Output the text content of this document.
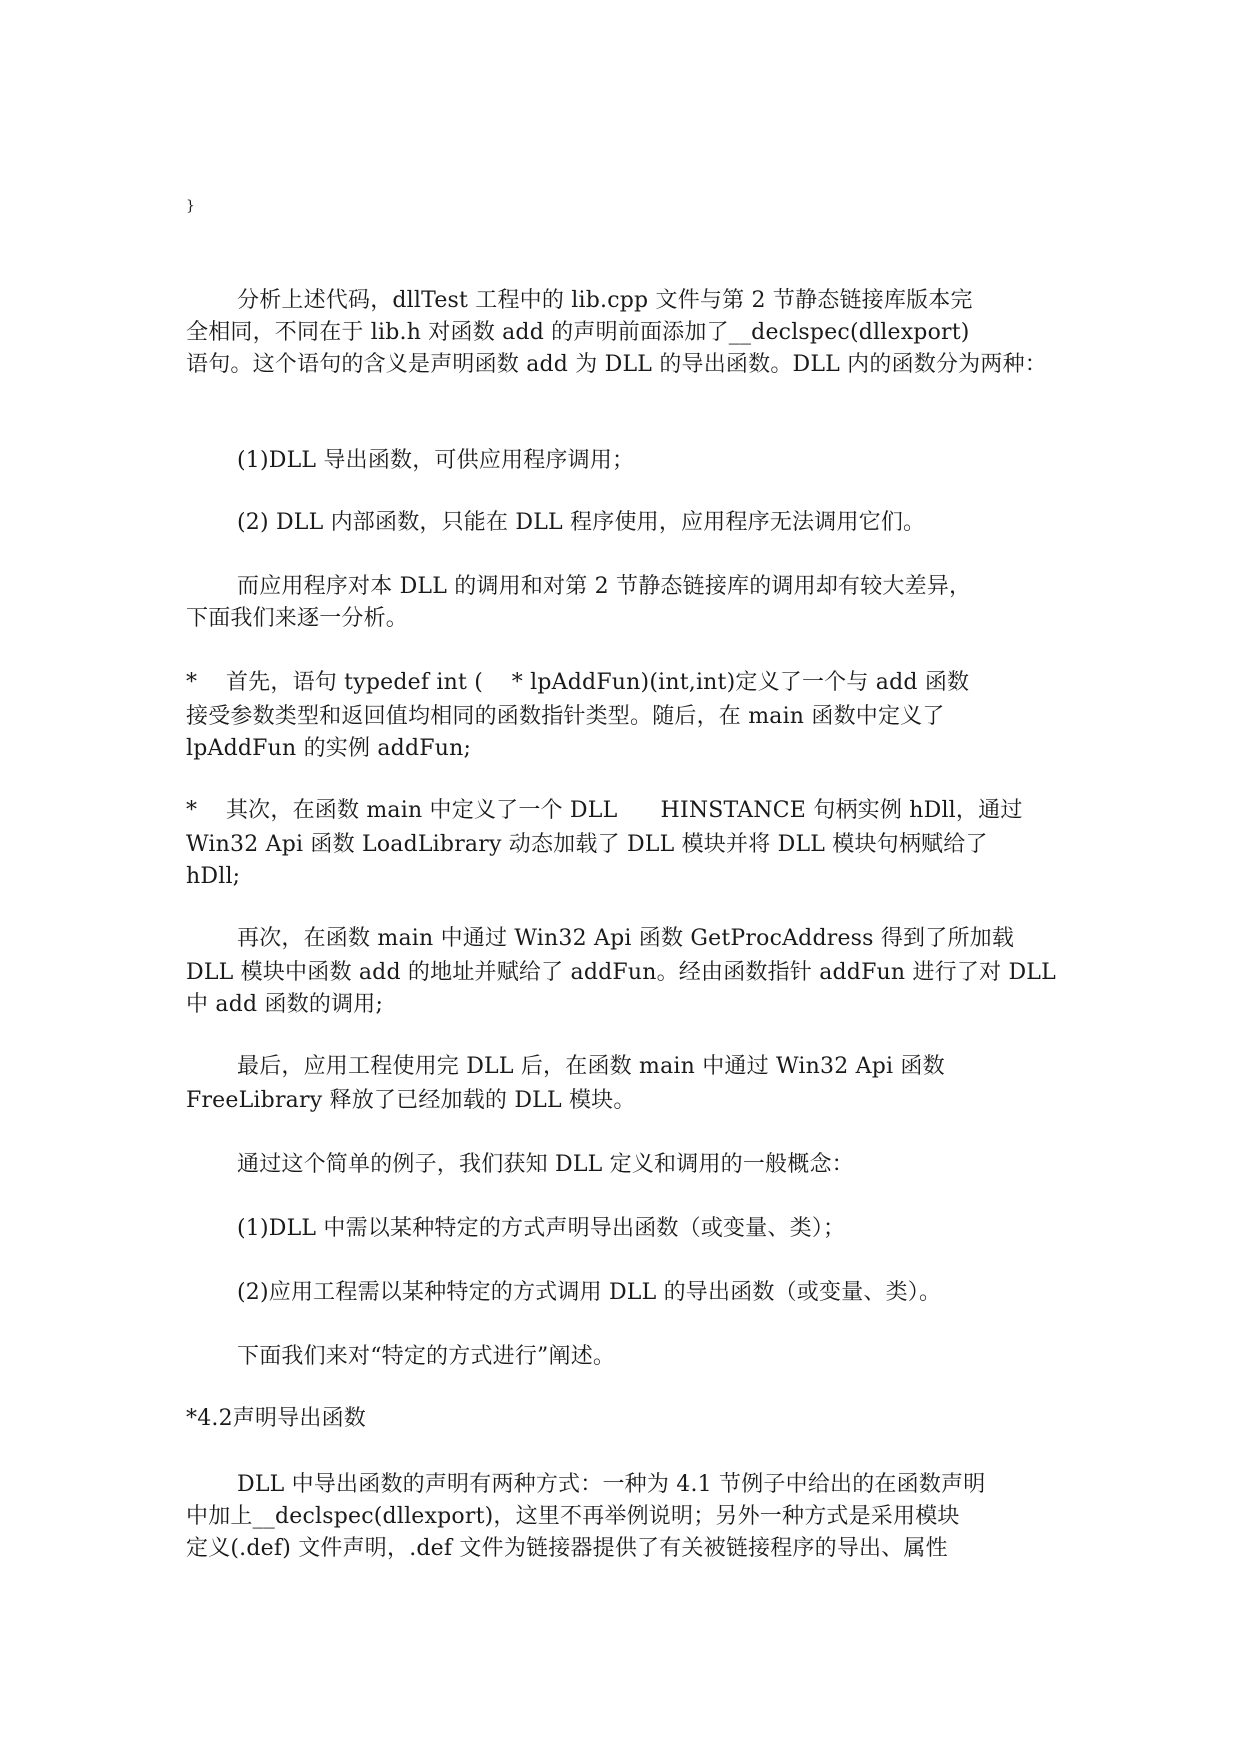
}
分析上述代码，dllTest 工程中的 lib.cpp 文件与第 2 节静态链接库版本完
全相同，不同在于 lib.h 对函数 add 的声明前面添加了__declspec(dllexport)
语句。这个语句的含义是声明函数 add 为 DLL 的导出函数。DLL 内的函数分为两种：
(1)DLL 导出函数，可供应用程序调用；
(2) DLL 内部函数，只能在 DLL 程序使用，应用程序无法调用它们。
而应用程序对本 DLL 的调用和对第 2 节静态链接库的调用却有较大差异，
下面我们来逐一分析。
*    首先，语句 typedef int (    * lpAddFun)(int,int)定义了一个与 add 函数
接受参数类型和返回值均相同的函数指针类型。随后，在 main 函数中定义了
lpAddFun 的实例 addFun;
*    其次，在函数 main 中定义了一个 DLL      HINSTANCE 句柄实例 hDll，通过
Win32 Api 函数 LoadLibrary 动态加载了 DLL 模块并将 DLL 模块句柄赋给了
hDll;
再次，在函数 main 中通过 Win32 Api 函数 GetProcAddress 得到了所加载
DLL 模块中函数 add 的地址并赋给了 addFun。经由函数指针 addFun 进行了对 DLL
中 add 函数的调用;
最后，应用工程使用完 DLL 后，在函数 main 中通过 Win32 Api 函数
FreeLibrary 释放了已经加载的 DLL 模块。
通过这个简单的例子，我们获知 DLL 定义和调用的一般概念：
(1)DLL 中需以某种特定的方式声明导出函数（或变量、类）；
(2)应用工程需以某种特定的方式调用 DLL 的导出函数（或变量、类）。
下面我们来对“特定的方式进行”阐述。
*4.2声明导出函数
DLL 中导出函数的声明有两种方式：一种为 4.1 节例子中给出的在函数声明
中加上__declspec(dllexport)，这里不再举例说明；另外一种方式是采用模块
定义(.def) 文件声明，.def 文件为链接器提供了有关被链接程序的导出、属性
